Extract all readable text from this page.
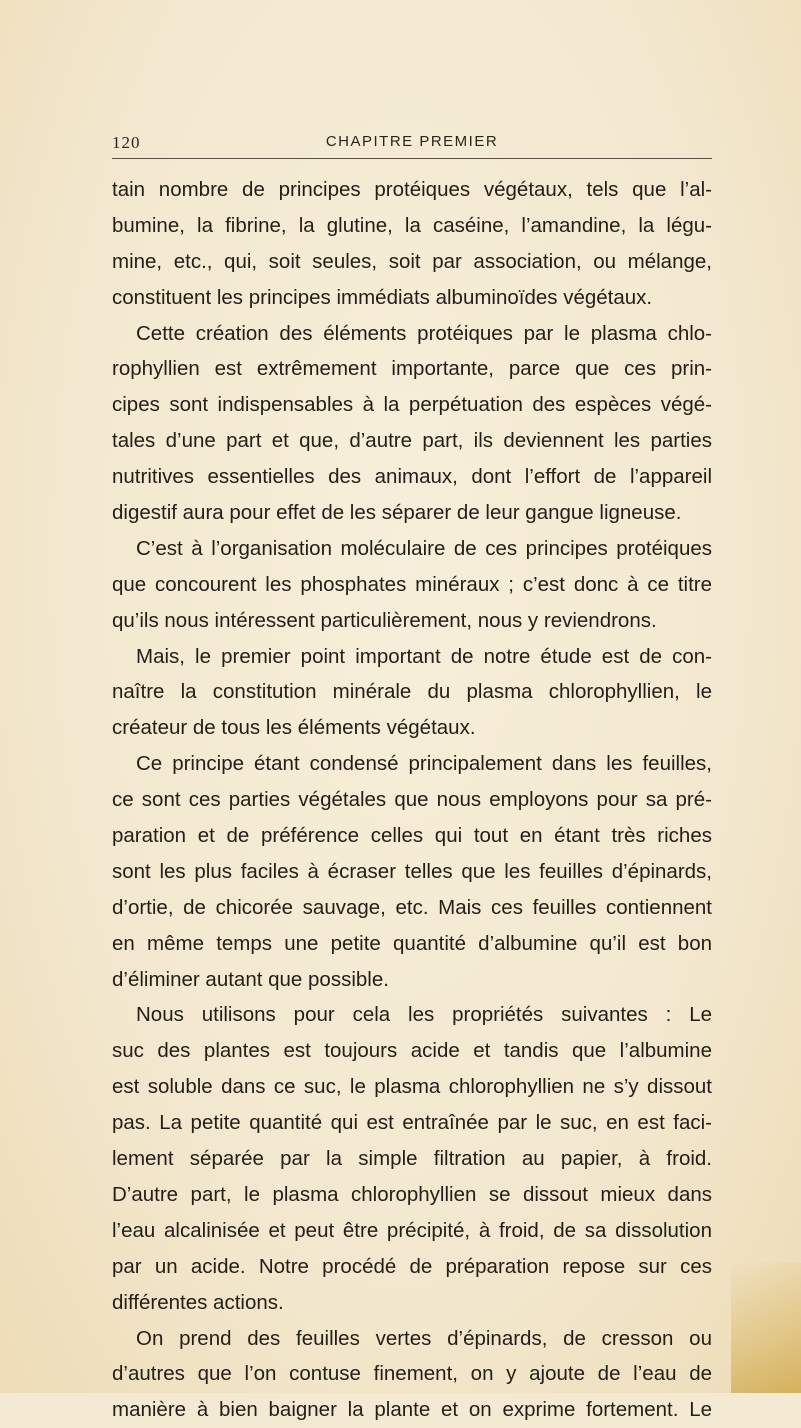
120	CHAPITRE PREMIER
tain nombre de principes protéiques végétaux, tels que l’al-
bumine, la fibrine, la glutine, la caséine, l’amandine, la légu-
mine, etc., qui, soit seules, soit par association, ou mélange,
constituent les principes immédiats albuminoïdes végétaux.
Cette création des éléments protéiques par le plasma chlo-
rophyllien est extrêmement importante, parce que ces prin-
cipes sont indispensables à la perpétuation des espèces végé-
tales d’une part et que, d’autre part, ils deviennent les parties
nutritives essentielles des animaux, dont l’effort de l’appareil
digestif aura pour effet de les séparer de leur gangue ligneuse.
C’est à l’organisation moléculaire de ces principes protéiques
que concourent les phosphates minéraux ; c’est donc à ce titre
qu’ils nous intéressent particulièrement, nous y reviendrons.
Mais, le premier point important de notre étude est de con-
naître la constitution minérale du plasma chlorophyllien, le
créateur de tous les éléments végétaux.
Ce principe étant condensé principalement dans les feuilles,
ce sont ces parties végétales que nous employons pour sa pré-
paration et de préférence celles qui tout en étant très riches
sont les plus faciles à écraser telles que les feuilles d’épinards,
d’ortie, de chicorée sauvage, etc. Mais ces feuilles contiennent
en même temps une petite quantité d’albumine qu’il est bon
d’éliminer autant que possible.
Nous utilisons pour cela les propriétés suivantes : Le
suc des plantes est toujours acide et tandis que l’albumine
est soluble dans ce suc, le plasma chlorophyllien ne s’y dissout
pas. La petite quantité qui est entraînée par le suc, en est faci-
lement séparée par la simple filtration au papier, à froid.
D’autre part, le plasma chlorophyllien se dissout mieux dans
l’eau alcalinisée et peut être précipité, à froid, de sa dissolution
par un acide. Notre procédé de préparation repose sur ces
différentes actions.
On prend des feuilles vertes d’épinards, de cresson ou
d’autres que l’on contuse finement, on y ajoute de l’eau de
manière à bien baigner la plante et on exprime fortement. Le
